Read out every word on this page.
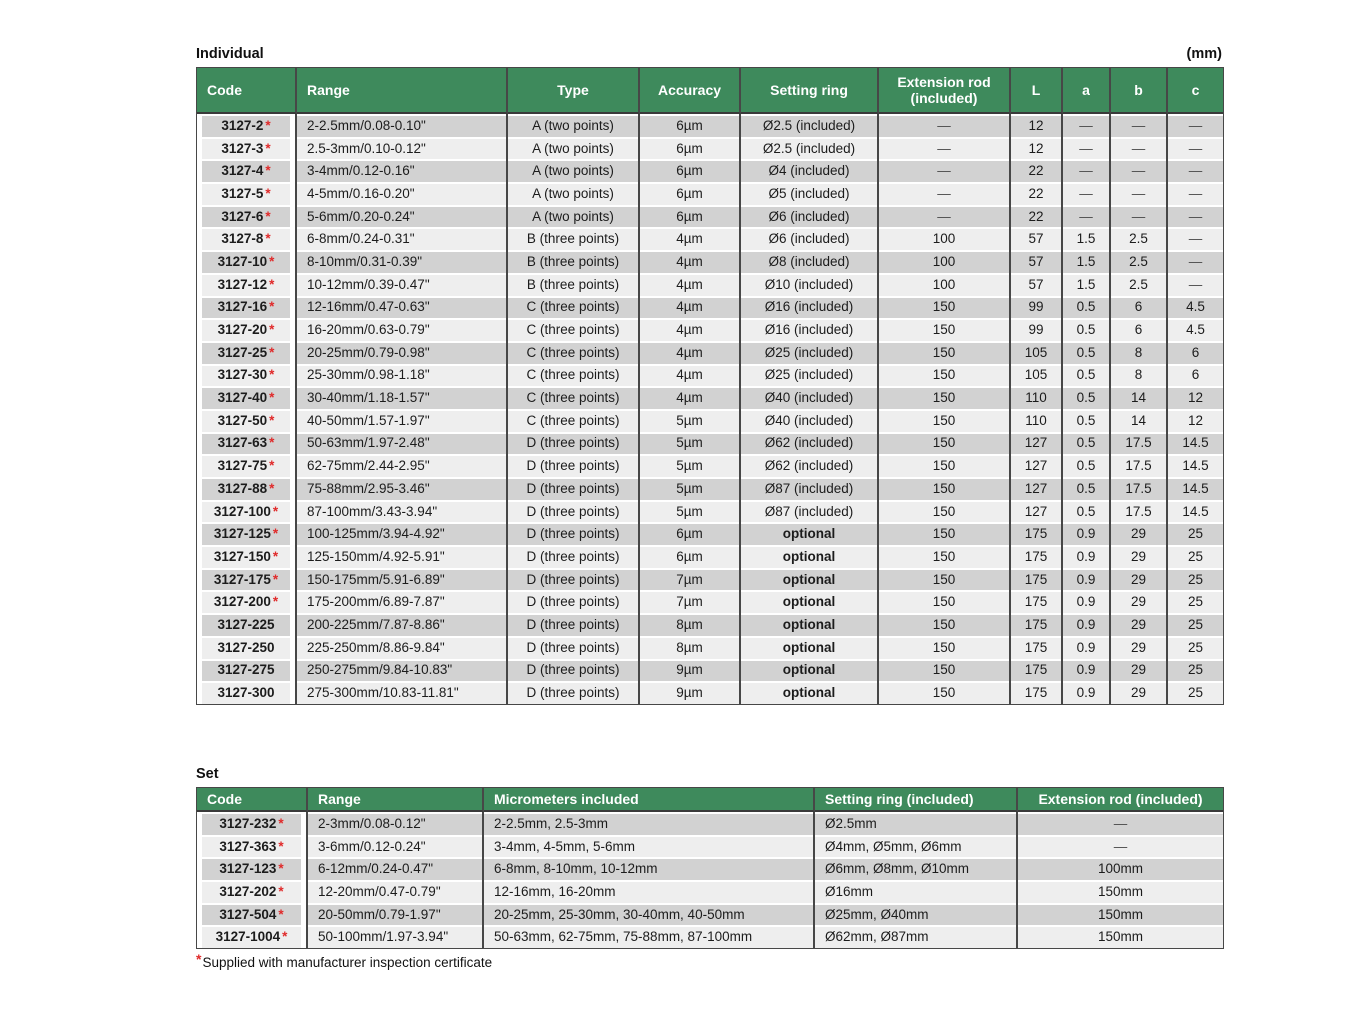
Individual	(mm)
Code	Range	Type	Accuracy	Setting ring	Extension rod (included)	L	a	b	c
3127-2 *	2-2.5mm/0.08-0.10"	A (two points)	6µm	Ø2.5 (included)	—	12	—	—	—
3127-3 *	2.5-3mm/0.10-0.12"	A (two points)	6µm	Ø2.5 (included)	—	12	—	—	—
3127-4 *	3-4mm/0.12-0.16"	A (two points)	6µm	Ø4 (included)	—	22	—	—	—
3127-5 *	4-5mm/0.16-0.20"	A (two points)	6µm	Ø5 (included)	—	22	—	—	—
3127-6 *	5-6mm/0.20-0.24"	A (two points)	6µm	Ø6 (included)	—	22	—	—	—
3127-8 *	6-8mm/0.24-0.31"	B (three points)	4µm	Ø6 (included)	100	57	1.5	2.5	—
3127-10 *	8-10mm/0.31-0.39"	B (three points)	4µm	Ø8 (included)	100	57	1.5	2.5	—
3127-12 *	10-12mm/0.39-0.47"	B (three points)	4µm	Ø10 (included)	100	57	1.5	2.5	—
3127-16 *	12-16mm/0.47-0.63"	C (three points)	4µm	Ø16 (included)	150	99	0.5	6	4.5
3127-20 *	16-20mm/0.63-0.79"	C (three points)	4µm	Ø16 (included)	150	99	0.5	6	4.5
3127-25 *	20-25mm/0.79-0.98"	C (three points)	4µm	Ø25 (included)	150	105	0.5	8	6
3127-30 *	25-30mm/0.98-1.18"	C (three points)	4µm	Ø25 (included)	150	105	0.5	8	6
3127-40 *	30-40mm/1.18-1.57"	C (three points)	4µm	Ø40 (included)	150	110	0.5	14	12
3127-50 *	40-50mm/1.57-1.97"	C (three points)	5µm	Ø40 (included)	150	110	0.5	14	12
3127-63 *	50-63mm/1.97-2.48"	D (three points)	5µm	Ø62 (included)	150	127	0.5	17.5	14.5
3127-75 *	62-75mm/2.44-2.95"	D (three points)	5µm	Ø62 (included)	150	127	0.5	17.5	14.5
3127-88 *	75-88mm/2.95-3.46"	D (three points)	5µm	Ø87 (included)	150	127	0.5	17.5	14.5
3127-100 *	87-100mm/3.43-3.94"	D (three points)	5µm	Ø87 (included)	150	127	0.5	17.5	14.5
3127-125 *	100-125mm/3.94-4.92"	D (three points)	6µm	optional	150	175	0.9	29	25
3127-150 *	125-150mm/4.92-5.91"	D (three points)	6µm	optional	150	175	0.9	29	25
3127-175 *	150-175mm/5.91-6.89"	D (three points)	7µm	optional	150	175	0.9	29	25
3127-200 *	175-200mm/6.89-7.87"	D (three points)	7µm	optional	150	175	0.9	29	25
3127-225	200-225mm/7.87-8.86"	D (three points)	8µm	optional	150	175	0.9	29	25
3127-250	225-250mm/8.86-9.84"	D (three points)	8µm	optional	150	175	0.9	29	25
3127-275	250-275mm/9.84-10.83"	D (three points)	9µm	optional	150	175	0.9	29	25
3127-300	275-300mm/10.83-11.81"	D (three points)	9µm	optional	150	175	0.9	29	25
Set
Code	Range	Micrometers included	Setting ring (included)	Extension rod (included)
3127-232 *	2-3mm/0.08-0.12"	2-2.5mm, 2.5-3mm	Ø2.5mm	—
3127-363 *	3-6mm/0.12-0.24"	3-4mm, 4-5mm, 5-6mm	Ø4mm, Ø5mm, Ø6mm	—
3127-123 *	6-12mm/0.24-0.47"	6-8mm, 8-10mm, 10-12mm	Ø6mm, Ø8mm, Ø10mm	100mm
3127-202 *	12-20mm/0.47-0.79"	12-16mm, 16-20mm	Ø16mm	150mm
3127-504 *	20-50mm/0.79-1.97"	20-25mm, 25-30mm, 30-40mm, 40-50mm	Ø25mm, Ø40mm	150mm
3127-1004 *	50-100mm/1.97-3.94"	50-63mm, 62-75mm, 75-88mm, 87-100mm	Ø62mm, Ø87mm	150mm
*Supplied with manufacturer inspection certificate
